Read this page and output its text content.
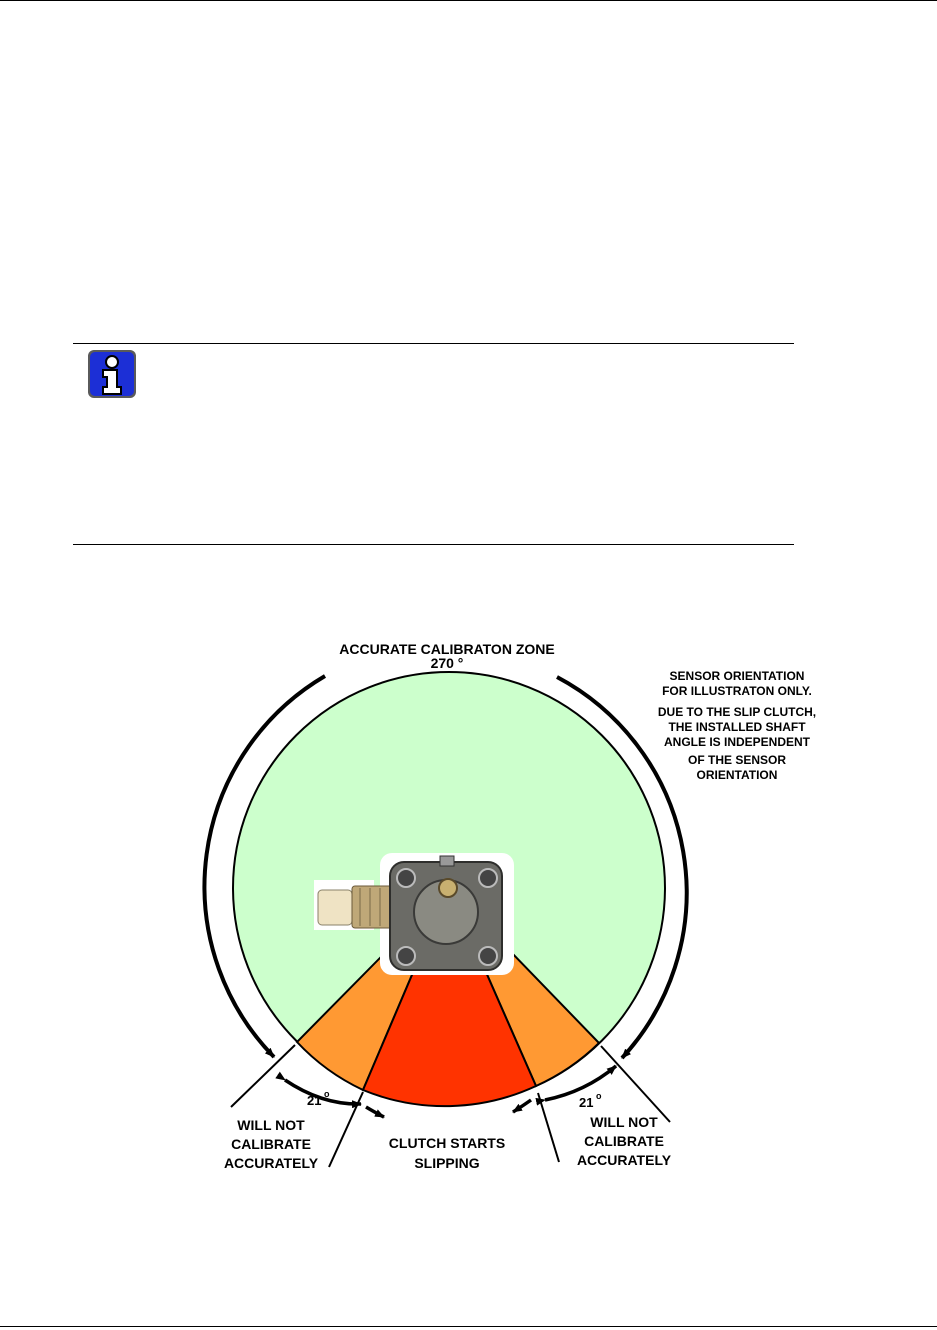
ACCURATE CALIBRATON ZONE
270 °
SENSOR ORIENTATION
FOR ILLUSTRATON ONLY.
DUE TO THE SLIP CLUTCH,
THE INSTALLED SHAFT
ANGLE IS INDEPENDENT
OF THE SENSOR
ORIENTATION
21 o
21 o
WILL NOT
CALIBRATE
ACCURATELY
CLUTCH STARTS
SLIPPING
WILL NOT
CALIBRATE
ACCURATELY
